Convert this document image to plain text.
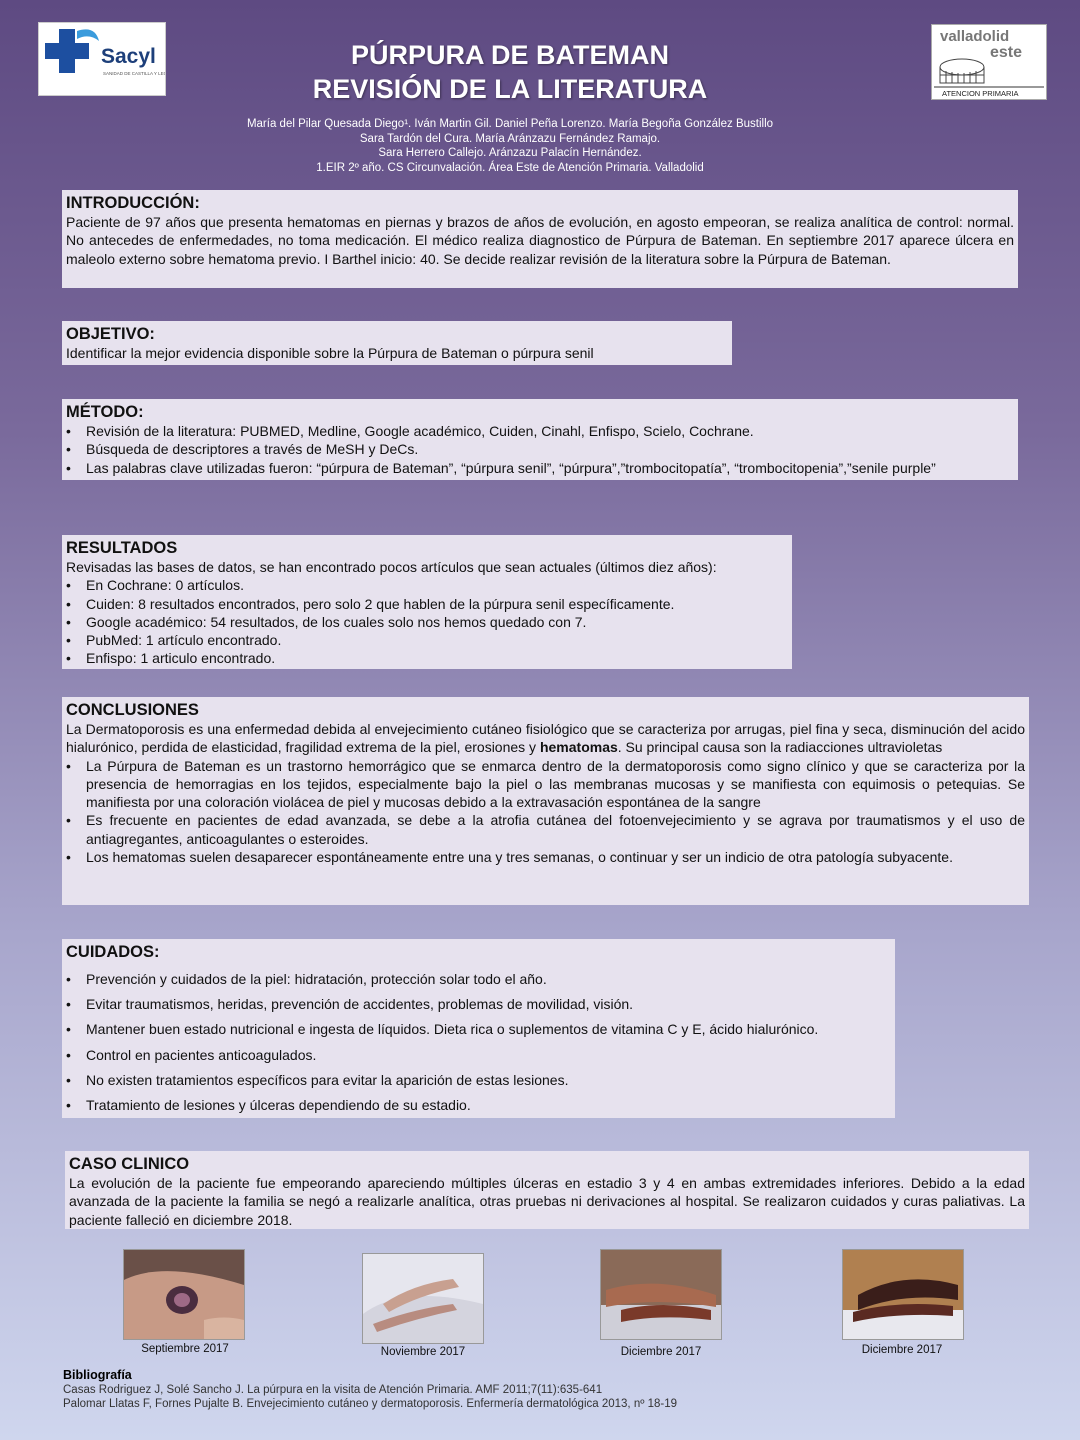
Sacyl
SANIDAD DE CASTILLA Y LEÓN
valladolid
este
ATENCION PRIMARIA
PÚRPURA DE BATEMAN
REVISIÓN DE LA LITERATURA
María del Pilar Quesada Diego¹. Iván Martin Gil. Daniel Peña Lorenzo. María Begoña González Bustillo
Sara Tardón del Cura. María Aránzazu Fernández Ramajo.
Sara Herrero Callejo. Aránzazu Palacín Hernández.
1.EIR 2º año. CS Circunvalación. Área Este de Atención Primaria. Valladolid
INTRODUCCIÓN:

Paciente de 97 años que presenta hematomas en piernas y brazos de años de evolución, en agosto empeoran, se realiza analítica de control: normal. No antecedes de enfermedades, no toma medicación. El médico realiza diagnostico de Púrpura de Bateman. En septiembre 2017 aparece úlcera en maleolo externo sobre hematoma previo. I Barthel inicio: 40. Se decide realizar revisión de la literatura sobre la Púrpura de Bateman.

OBJETIVO:

Identificar la mejor evidencia disponible sobre la Púrpura de Bateman o púrpura senil

MÉTODO:
• Revisión de la literatura: PUBMED, Medline, Google académico, Cuiden, Cinahl, Enfispo, Scielo, Cochrane.
• Búsqueda de descriptores a través de MeSH y DeCs.
• Las palabras clave utilizadas fueron: “púrpura de Bateman”, “púrpura senil”, “púrpura”,”trombocitopatía”, “trombocitopenia”,”senile purple”
RESULTADOS

Revisadas las bases de datos, se han encontrado pocos artículos que sean actuales (últimos diez años):

• En Cochrane: 0 artículos.
• Cuiden: 8 resultados encontrados, pero solo 2 que hablen de la púrpura senil específicamente.
• Google académico: 54 resultados, de los cuales solo nos hemos quedado con 7.
• PubMed: 1 artículo encontrado.
• Enfispo: 1 articulo encontrado.
CONCLUSIONES

La Dermatoporosis es una enfermedad debida al envejecimiento cutáneo fisiológico que se caracteriza por arrugas, piel fina y seca, disminución del acido hialurónico, perdida de elasticidad, fragilidad extrema de la piel, erosiones y hematomas. Su principal causa son la radiacciones ultravioletas

• La Púrpura de Bateman es un trastorno hemorrágico que se enmarca dentro de la dermatoporosis como signo clínico y que se caracteriza por la presencia de hemorragias en los tejidos, especialmente bajo la piel o las membranas mucosas y se manifiesta con equimosis o petequias. Se manifiesta por una coloración violácea de piel y mucosas debido a la extravasación espontánea de la sangre
• Es frecuente en pacientes de edad avanzada, se debe a la atrofia cutánea del fotoenvejecimiento y se agrava por traumatismos y el uso de antiagregantes, anticoagulantes o esteroides.
• Los hematomas suelen desaparecer espontáneamente entre una y tres semanas, o continuar y ser un indicio de otra patología subyacente.
CUIDADOS:
• Prevención y cuidados de la piel: hidratación, protección solar todo el año.
• Evitar traumatismos, heridas, prevención de accidentes, problemas de movilidad, visión.
• Mantener buen estado nutricional e ingesta de líquidos. Dieta rica o suplementos de vitamina C y E, ácido hialurónico.
• Control en pacientes anticoagulados.
• No existen tratamientos específicos para evitar la aparición de estas lesiones.
• Tratamiento de lesiones y úlceras dependiendo de su estadio.
CASO CLINICO

La evolución de la paciente fue empeorando apareciendo múltiples úlceras en estadio 3 y 4 en ambas extremidades inferiores. Debido a la edad avanzada de la paciente la familia se negó a realizarle analítica, otras pruebas ni derivaciones al hospital. Se realizaron cuidados y curas paliativas. La paciente falleció en diciembre 2018.

Septiembre 2017	Noviembre 2017	Diciembre 2017	Diciembre 2017
Bibliografía
Casas Rodriguez J, Solé Sancho J. La púrpura en la visita de Atención Primaria. AMF 2011;7(11):635-641
Palomar Llatas F, Fornes Pujalte B. Envejecimiento cutáneo y dermatoporosis. Enfermería dermatológica 2013, nº 18-19
